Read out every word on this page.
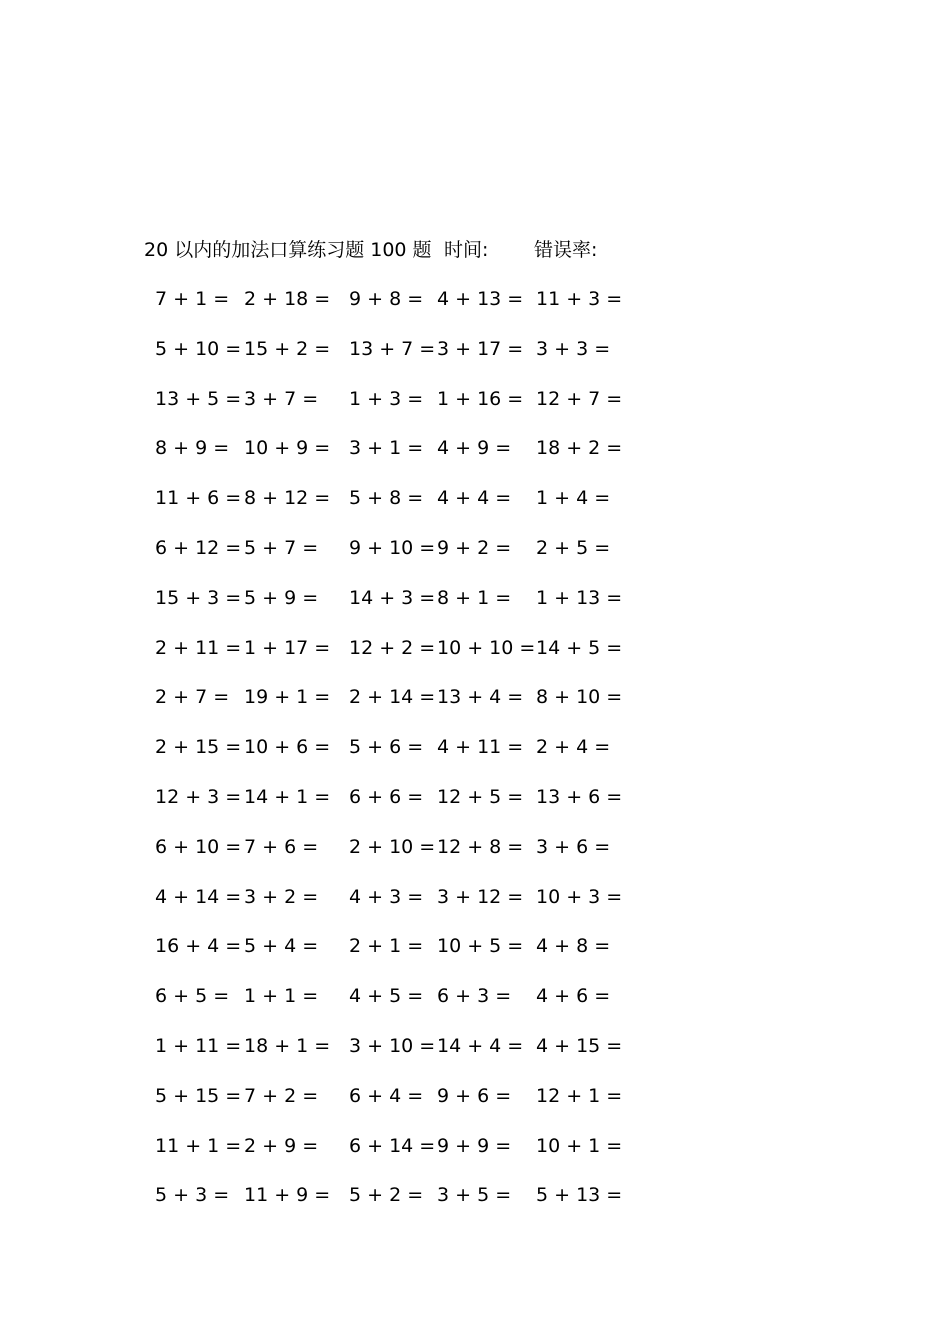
20 以内的加法口算练习题 100 题 时间: 错误率:
7 + 1 = 2 + 18 = 9 + 8 = 4 + 13 = 11 + 3 =
5 + 10 = 15 + 2 = 13 + 7 = 3 + 17 = 3 + 3 =
13 + 5 = 3 + 7 = 1 + 3 = 1 + 16 = 12 + 7 =
8 + 9 = 10 + 9 = 3 + 1 = 4 + 9 = 18 + 2 =
11 + 6 = 8 + 12 = 5 + 8 = 4 + 4 = 1 + 4 =
6 + 12 = 5 + 7 = 9 + 10 = 9 + 2 = 2 + 5 =
15 + 3 = 5 + 9 = 14 + 3 = 8 + 1 = 1 + 13 =
2 + 11 = 1 + 17 = 12 + 2 = 10 + 10 = 14 + 5 =
2 + 7 = 19 + 1 = 2 + 14 = 13 + 4 = 8 + 10 =
2 + 15 = 10 + 6 = 5 + 6 = 4 + 11 = 2 + 4 =
12 + 3 = 14 + 1 = 6 + 6 = 12 + 5 = 13 + 6 =
6 + 10 = 7 + 6 = 2 + 10 = 12 + 8 = 3 + 6 =
4 + 14 = 3 + 2 = 4 + 3 = 3 + 12 = 10 + 3 =
16 + 4 = 5 + 4 = 2 + 1 = 10 + 5 = 4 + 8 =
6 + 5 = 1 + 1 = 4 + 5 = 6 + 3 = 4 + 6 =
1 + 11 = 18 + 1 = 3 + 10 = 14 + 4 = 4 + 15 =
5 + 15 = 7 + 2 = 6 + 4 = 9 + 6 = 12 + 1 =
11 + 1 = 2 + 9 = 6 + 14 = 9 + 9 = 10 + 1 =
5 + 3 = 11 + 9 = 5 + 2 = 3 + 5 = 5 + 13 =
